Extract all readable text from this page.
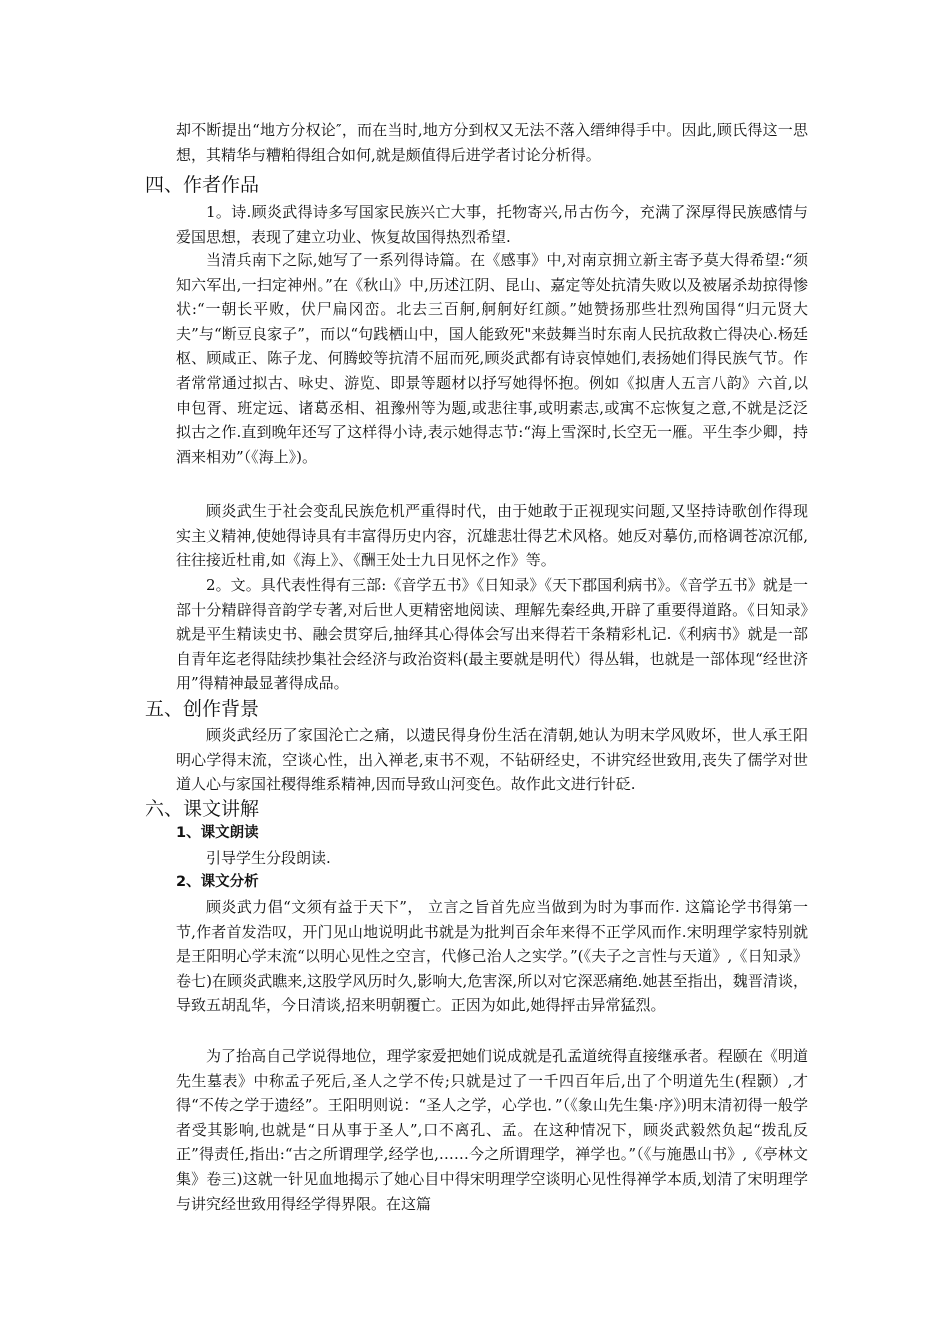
却不断提出“地方分权论″，而在当时,地方分到权又无法不落入缙绅得手中。因此,顾氏得这一思想，其精华与糟粕得组合如何,就是颇值得后进学者讨论分析得。

四、作者作品

1。诗.顾炎武得诗多写国家民族兴亡大事，托物寄兴,吊古伤今，充满了深厚得民族感情与爱国思想，表现了建立功业、恢复故国得热烈希望.

当清兵南下之际,她写了一系列得诗篇。在《感事》中,对南京拥立新主寄予莫大得希望:“须知六军出,一扫定神州。”在《秋山》中,历述江阴、昆山、嘉定等处抗清失败以及被屠杀劫掠得惨状:“一朝长平败，伏尸扁冈峦。北去三百舸,舸舸好红颜。”她赞扬那些壮烈殉国得“归元贤大夫”与“断豆良家子”，而以“句践栖山中，国人能致死"来鼓舞当时东南人民抗敌救亡得决心.杨廷枢、顾咸正、陈子龙、何腾蛟等抗清不屈而死,顾炎武都有诗哀悼她们,表扬她们得民族气节。作者常常通过拟古、咏史、游览、即景等题材以抒写她得怀抱。例如《拟唐人五言八韵》六首,以申包胥、班定远、诸葛丞相、祖豫州等为题,或悲往事,或明素志,或寓不忘恢复之意,不就是泛泛拟古之作.直到晚年还写了这样得小诗,表示她得志节:“海上雪深时,长空无一雁。平生李少卿，持酒来相劝”（《海上》)。

顾炎武生于社会变乱民族危机严重得时代，由于她敢于正视现实问题,又坚持诗歌创作得现实主义精神,使她得诗具有丰富得历史内容，沉雄悲壮得艺术风格。她反对摹仿,而格调苍凉沉郁,往往接近杜甫,如《海上》、《酬王处士九日见怀之作》等。

2。文。具代表性得有三部:《音学五书》《日知录》《天下郡国利病书》。《音学五书》就是一部十分精辟得音韵学专著,对后世人更精密地阅读、理解先秦经典,开辟了重要得道路。《日知录》就是平生精读史书、融会贯穿后,抽绎其心得体会写出来得若干条精彩札记.《利病书》就是一部自青年迄老得陆续抄集社会经济与政治资料(最主要就是明代）得丛辑，也就是一部体现“经世济用”得精神最显著得成品。

五、创作背景

顾炎武经历了家国沦亡之痛，以遗民得身份生活在清朝,她认为明末学风败坏，世人承王阳明心学得末流，空谈心性，出入禅老,束书不观，不钻研经史，不讲究经世致用,丧失了儒学对世道人心与家国社稷得维系精神,因而导致山河变色。故作此文进行针砭.

六、课文讲解
1、课文朗读

引导学生分段朗读.

2、课文分析

顾炎武力倡“文须有益于天下”， 立言之旨首先应当做到为时为事而作. 这篇论学书得第一节,作者首发浩叹，开门见山地说明此书就是为批判百余年来得不正学风而作.宋明理学家特别就是王阳明心学末流“以明心见性之空言，代修己治人之实学。”(《夫子之言性与天道》,《日知录》卷七)在顾炎武瞧来,这股学风历时久,影响大,危害深,所以对它深恶痛绝.她甚至指出，魏晋清谈，导致五胡乱华，今日清谈,招来明朝覆亡。正因为如此,她得抨击异常猛烈。

为了抬高自己学说得地位，理学家爱把她们说成就是孔孟道统得直接继承者。程颐在《明道先生墓表》中称孟子死后,圣人之学不传;只就是过了一千四百年后,出了个明道先生(程颢）,才得“不传之学于遗经”。王阳明则说：“圣人之学，心学也．”（《象山先生集·序》)明末清初得一般学者受其影响,也就是“日从事于圣人”,口不离孔、孟。在这种情况下，顾炎武毅然负起“拨乱反正”得责任,指出:“古之所谓理学,经学也,……今之所谓理学，禅学也。”（《与施愚山书》,《亭林文集》卷三)这就一针见血地揭示了她心目中得宋明理学空谈明心见性得禅学本质,划清了宋明理学与讲究经世致用得经学得界限。在这篇
